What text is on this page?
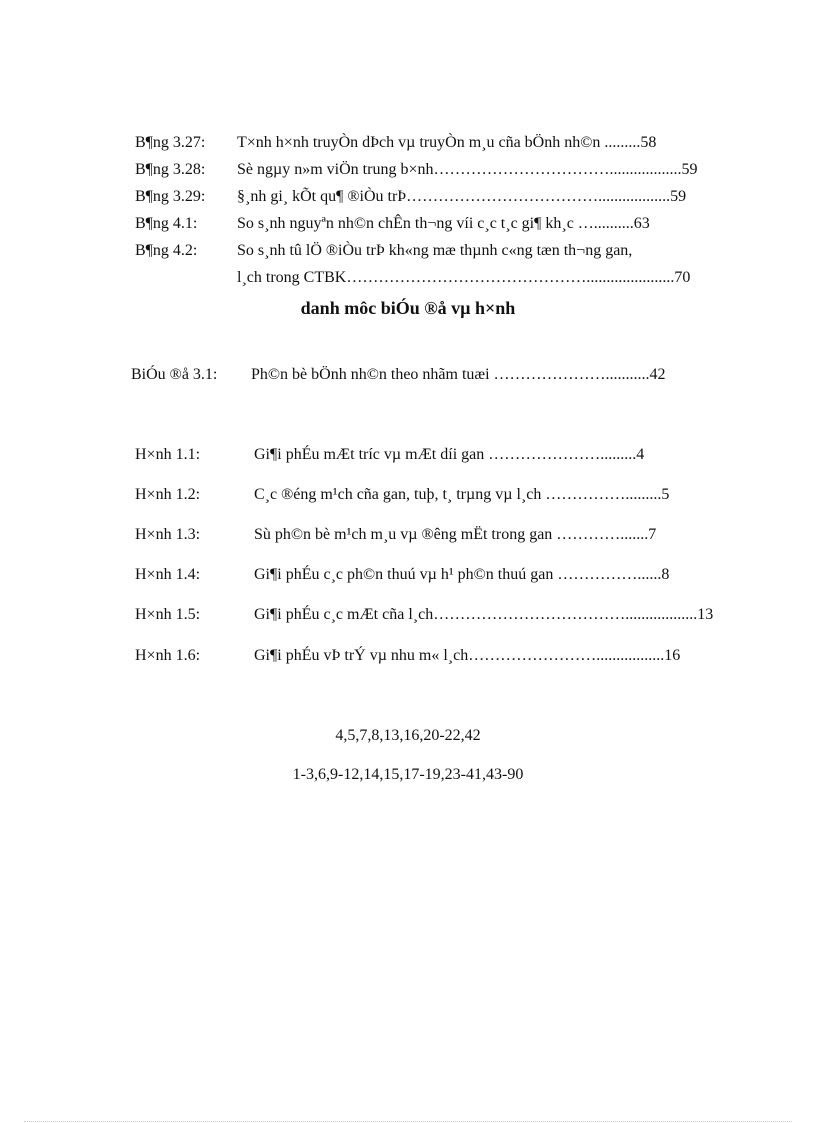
B¶ng 3.27: T×nh h×nh truyÒn dÞch vµ truyÒn m¸u cña bÖnh nh©n .........58
B¶ng 3.28: Sè ngµy n»m viÖn trung b×nh……………………………..................59
B¶ng 3.29: §¸nh gi¸ kÕt qu¶ ®iÒu trÞ………………………………..................59
B¶ng 4.1: So s¸nh nguyªn nh©n chÊn th¬ng víi c¸c t¸c gi¶ kh¸c …..........63
B¶ng 4.2: So s¸nh tû lÖ ®iÒu trÞ kh«ng mæ thµnh c«ng tæn th¬ng gan,
l¸ch trong CTBK………………………………………......................70
danh môc biÓu ®å vµ h×nh
BiÓu ®å 3.1: Ph©n bè bÖnh nh©n theo nhãm tuæi …………………...........42
H×nh 1.1:	Gi¶i phÉu mÆt tríc vµ mÆt díi gan ………………….........4
H×nh 1.2:	C¸c ®éng m¹ch cña gan, tuþ, t¸ trµng vµ l¸ch …………….........5
H×nh 1.3:	Sù ph©n bè m¹ch m¸u vµ ®êng mËt trong gan ………….......7
H×nh 1.4:	Gi¶i phÉu c¸c ph©n thuú vµ h¹ ph©n thuú gan ……………......8
H×nh 1.5:	Gi¶i phÉu c¸c mÆt cña l¸ch………………………………..................13
H×nh 1.6:	Gi¶i phÉu vÞ trÝ vµ nhu m« l¸ch…………………….................16
4,5,7,8,13,16,20-22,42
1-3,6,9-12,14,15,17-19,23-41,43-90
